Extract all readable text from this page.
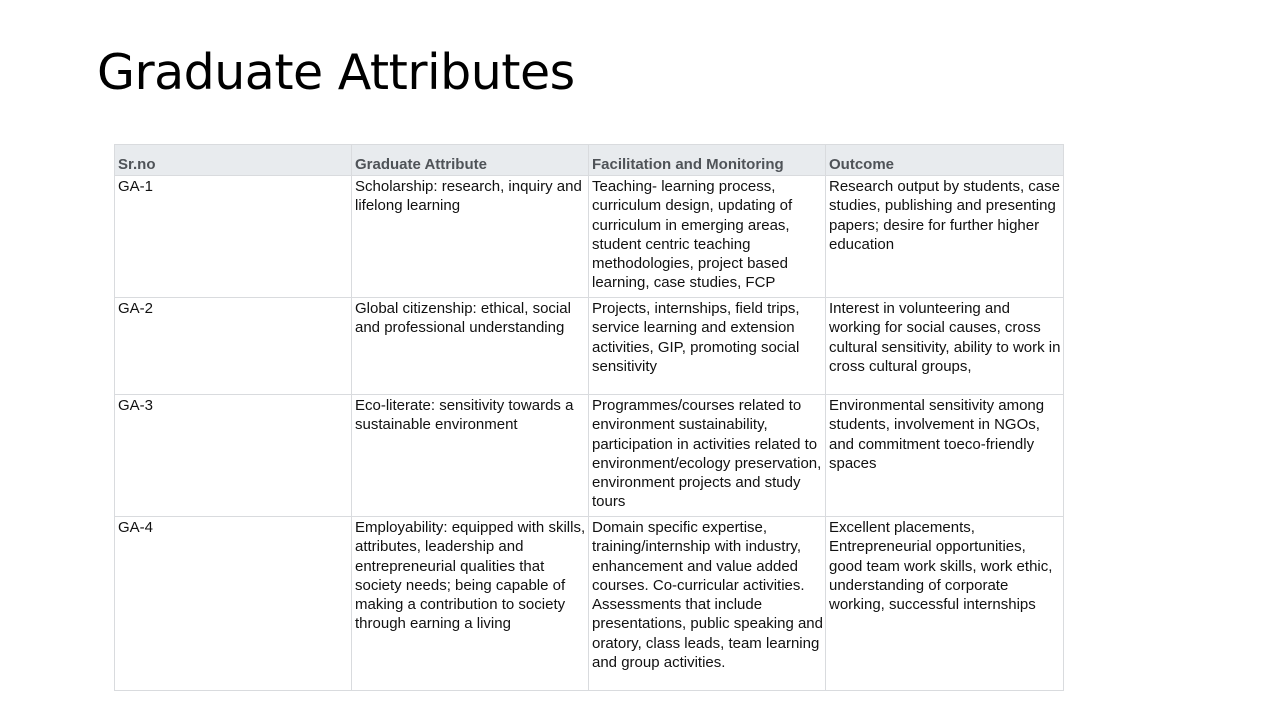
Graduate Attributes
Sr.no	Graduate Attribute	Facilitation and Monitoring	Outcome
GA-1	Scholarship: research, inquiry and lifelong learning	Teaching- learning process, curriculum design, updating of curriculum in emerging areas, student centric teaching methodologies, project based learning, case studies, FCP	Research output by students, case studies, publishing and presenting papers; desire for further higher education
GA-2	Global citizenship: ethical, social and professional understanding	Projects, internships, field trips, service learning and extension activities, GIP, promoting social sensitivity	Interest in volunteering and working for social causes, cross cultural sensitivity, ability to work in cross cultural groups,
GA-3	Eco-literate: sensitivity towards a sustainable environment	Programmes/courses related to environment sustainability, participation in activities related to environment/ecology preservation, environment projects and study tours	Environmental sensitivity among students, involvement in NGOs, and commitment toeco-friendly spaces
GA-4	Employability: equipped with skills, attributes, leadership and entrepreneurial qualities that society needs; being capable of making a contribution to society through earning a living	Domain specific expertise, training/internship with industry, enhancement and value added courses. Co-curricular activities. Assessments that include presentations, public speaking and oratory, class leads, team learning and group activities.	Excellent placements, Entrepreneurial opportunities, good team work skills, work ethic, understanding of corporate working, successful internships
